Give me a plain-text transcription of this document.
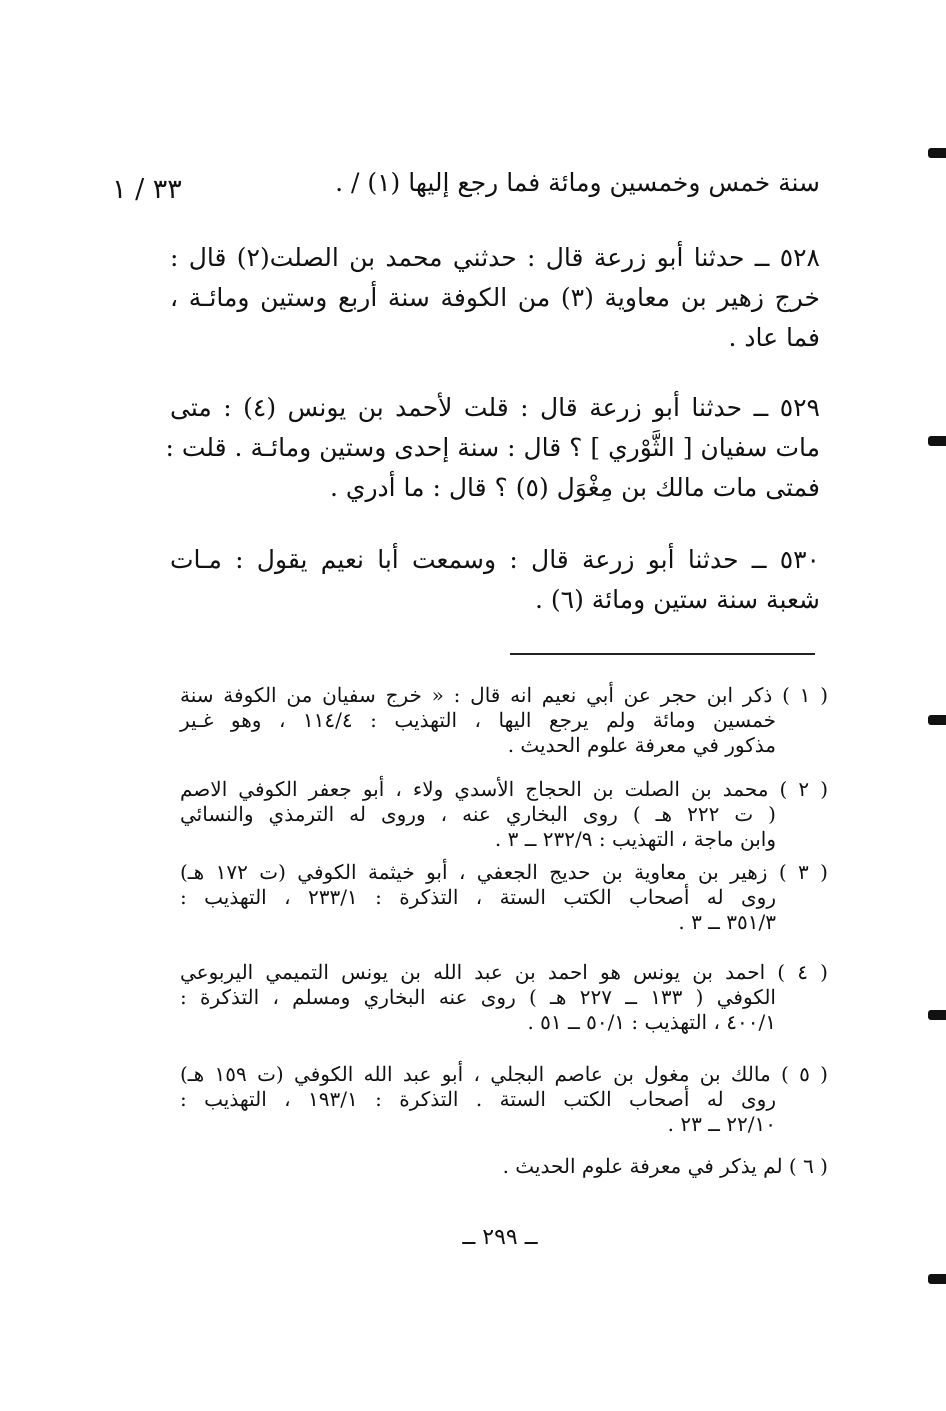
سنة خمس وخمسين ومائة فما رجع إليها (١) / .
٣٣ / ١
٥٢٨ ــ حدثنا أبو زرعة قال : حدثني محمد بن الصلت(٢) قال :
خرج زهير بن معاوية (٣) من الكوفة سنة أربع وستين ومائـة ،
فما عاد .
٥٢٩ ــ حدثنا أبو زرعة قال : قلت لأحمد بن يونس (٤) : متى
مات سفيان [ الثَّوْري ] ؟ قال : سنة إحدى وستين ومائـة . قلت :
فمتى مات مالك بن مِغْوَل (٥) ؟ قال : ما أدري .
٥٣٠ ــ حدثنا أبو زرعة قال : وسمعت أبا نعيم يقول : مـات
شعبة سنة ستين ومائة (٦) .
( ١ ) ذكر ابن حجر عن أبي نعيم انه قال : « خرج سفيان من الكوفة سنة
خمسين ومائة ولم يرجع اليها ، التهذيب : ١١٤/٤ ، وهو غـير
مذكور في معرفة علوم الحديث .
( ٢ ) محمد بن الصلت بن الحجاج الأسدي ولاء ، أبو جعفر الكوفي الاصم
( ت ٢٢٢ هـ ) روى البخاري عنه ، وروى له الترمذي والنسائي
وابن ماجة ، التهذيب : ٢٣٢/٩ ــ ٣ .
( ٣ ) زهير بن معاوية بن حديج الجعفي ، أبو خيثمة الكوفي (ت ١٧٢ هـ)
روى له أصحاب الكتب الستة ، التذكرة : ٢٣٣/١ ، التهذيب :
٣٥١/٣ ــ ٣ .
( ٤ ) احمد بن يونس هو احمد بن عبد الله بن يونس التميمي اليربوعي
الكوفي ( ١٣٣ ــ ٢٢٧ هـ ) روى عنه البخاري ومسلم ، التذكرة :
٤٠٠/١ ، التهذيب : ٥٠/١ ــ ٥١ .
( ٥ ) مالك بن مغول بن عاصم البجلي ، أبو عبد الله الكوفي (ت ١٥٩ هـ)
روى له أصحاب الكتب الستة . التذكرة : ١٩٣/١ ، التهذيب :
٢٢/١٠ ــ ٢٣ .
( ٦ ) لم يذكر في معرفة علوم الحديث .
ــ ٢٩٩ ــ
